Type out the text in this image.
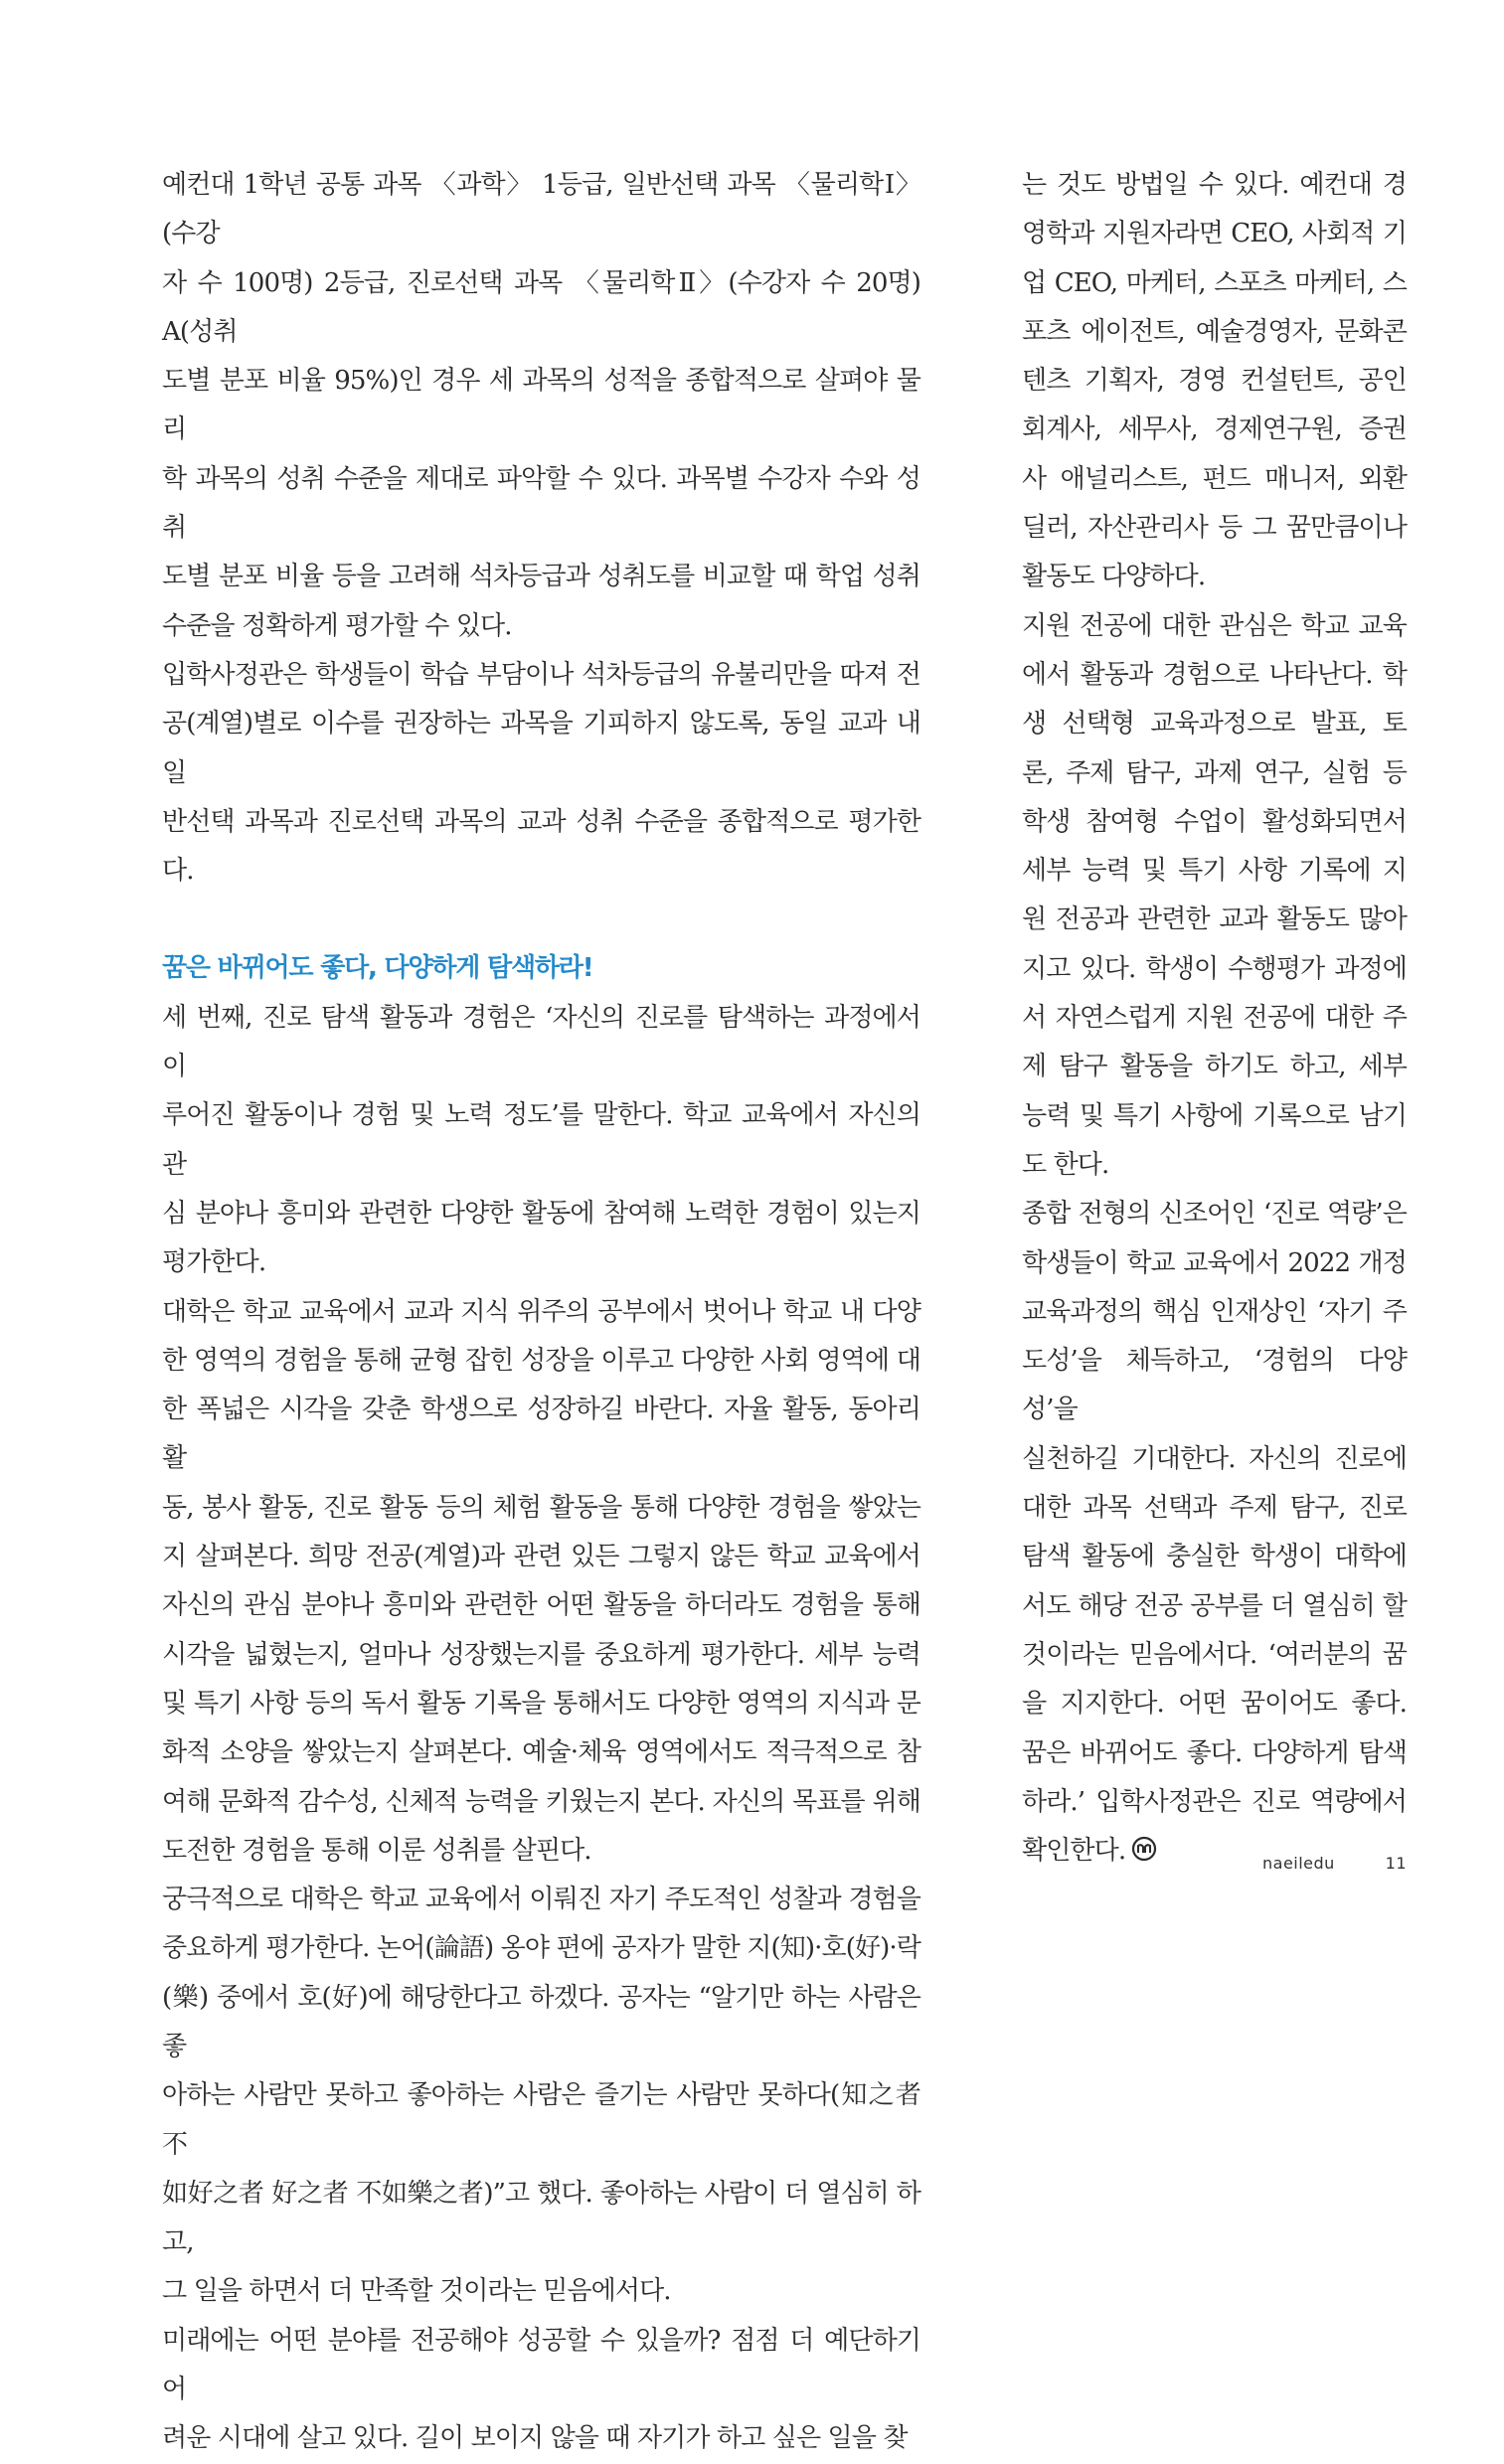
예컨대 1학년 공통 과목 〈과학〉 1등급, 일반선택 과목 〈물리학Ⅰ〉(수강

자 수 100명) 2등급, 진로선택 과목 〈물리학Ⅱ〉(수강자 수 20명) A(성취

도별 분포 비율 95%)인 경우 세 과목의 성적을 종합적으로 살펴야 물리

학 과목의 성취 수준을 제대로 파악할 수 있다. 과목별 수강자 수와 성취

도별 분포 비율 등을 고려해 석차등급과 성취도를 비교할 때 학업 성취

수준을 정확하게 평가할 수 있다.

입학사정관은 학생들이 학습 부담이나 석차등급의 유불리만을 따져 전

공(계열)별로 이수를 권장하는 과목을 기피하지 않도록, 동일 교과 내 일

반선택 과목과 진로선택 과목의 교과 성취 수준을 종합적으로 평가한다.

꿈은 바뀌어도 좋다, 다양하게 탐색하라!

세 번째, 진로 탐색 활동과 경험은 ‘자신의 진로를 탐색하는 과정에서 이

루어진 활동이나 경험 및 노력 정도’를 말한다. 학교 교육에서 자신의 관

심 분야나 흥미와 관련한 다양한 활동에 참여해 노력한 경험이 있는지

평가한다.

대학은 학교 교육에서 교과 지식 위주의 공부에서 벗어나 학교 내 다양

한 영역의 경험을 통해 균형 잡힌 성장을 이루고 다양한 사회 영역에 대

한 폭넓은 시각을 갖춘 학생으로 성장하길 바란다. 자율 활동, 동아리 활

동, 봉사 활동, 진로 활동 등의 체험 활동을 통해 다양한 경험을 쌓았는

지 살펴본다. 희망 전공(계열)과 관련 있든 그렇지 않든 학교 교육에서

자신의 관심 분야나 흥미와 관련한 어떤 활동을 하더라도 경험을 통해

시각을 넓혔는지, 얼마나 성장했는지를 중요하게 평가한다. 세부 능력

및 특기 사항 등의 독서 활동 기록을 통해서도 다양한 영역의 지식과 문

화적 소양을 쌓았는지 살펴본다. 예술·체육 영역에서도 적극적으로 참

여해 문화적 감수성, 신체적 능력을 키웠는지 본다. 자신의 목표를 위해

도전한 경험을 통해 이룬 성취를 살핀다.

궁극적으로 대학은 학교 교육에서 이뤄진 자기 주도적인 성찰과 경험을

중요하게 평가한다. 논어(論語) 옹야 편에 공자가 말한 지(知)·호(好)·락

(樂) 중에서 호(好)에 해당한다고 하겠다. 공자는 “알기만 하는 사람은 좋

아하는 사람만 못하고 좋아하는 사람은 즐기는 사람만 못하다(知之者 不

如好之者 好之者 不如樂之者)”고 했다. 좋아하는 사람이 더 열심히 하고,

그 일을 하면서 더 만족할 것이라는 믿음에서다.

미래에는 어떤 분야를 전공해야 성공할 수 있을까? 점점 더 예단하기 어

려운 시대에 살고 있다. 길이 보이지 않을 때 자기가 하고 싶은 일을 찾

는 것도 방법일 수 있다. 예컨대 경

영학과 지원자라면 CEO, 사회적 기

업 CEO, 마케터, 스포츠 마케터, 스

포츠 에이전트, 예술경영자, 문화콘

텐츠 기획자, 경영 컨설턴트, 공인

회계사, 세무사, 경제연구원, 증권

사 애널리스트, 펀드 매니저, 외환

딜러, 자산관리사 등 그 꿈만큼이나

활동도 다양하다.

지원 전공에 대한 관심은 학교 교육

에서 활동과 경험으로 나타난다. 학

생 선택형 교육과정으로 발표, 토

론, 주제 탐구, 과제 연구, 실험 등

학생 참여형 수업이 활성화되면서

세부 능력 및 특기 사항 기록에 지

원 전공과 관련한 교과 활동도 많아

지고 있다. 학생이 수행평가 과정에

서 자연스럽게 지원 전공에 대한 주

제 탐구 활동을 하기도 하고, 세부

능력 및 특기 사항에 기록으로 남기

도 한다.

종합 전형의 신조어인 ‘진로 역량’은

학생들이 학교 교육에서 2022 개정

교육과정의 핵심 인재상인 ‘자기 주

도성’을 체득하고, ‘경험의 다양성’을

실천하길 기대한다. 자신의 진로에

대한 과목 선택과 주제 탐구, 진로

탐색 활동에 충실한 학생이 대학에

서도 해당 전공 공부를 더 열심히 할

것이라는 믿음에서다. ‘여러분의 꿈

을 지지한다. 어떤 꿈이어도 좋다.

꿈은 바뀌어도 좋다. 다양하게 탐색

하라.’ 입학사정관은 진로 역량에서

확인한다.	naeiledu	11
